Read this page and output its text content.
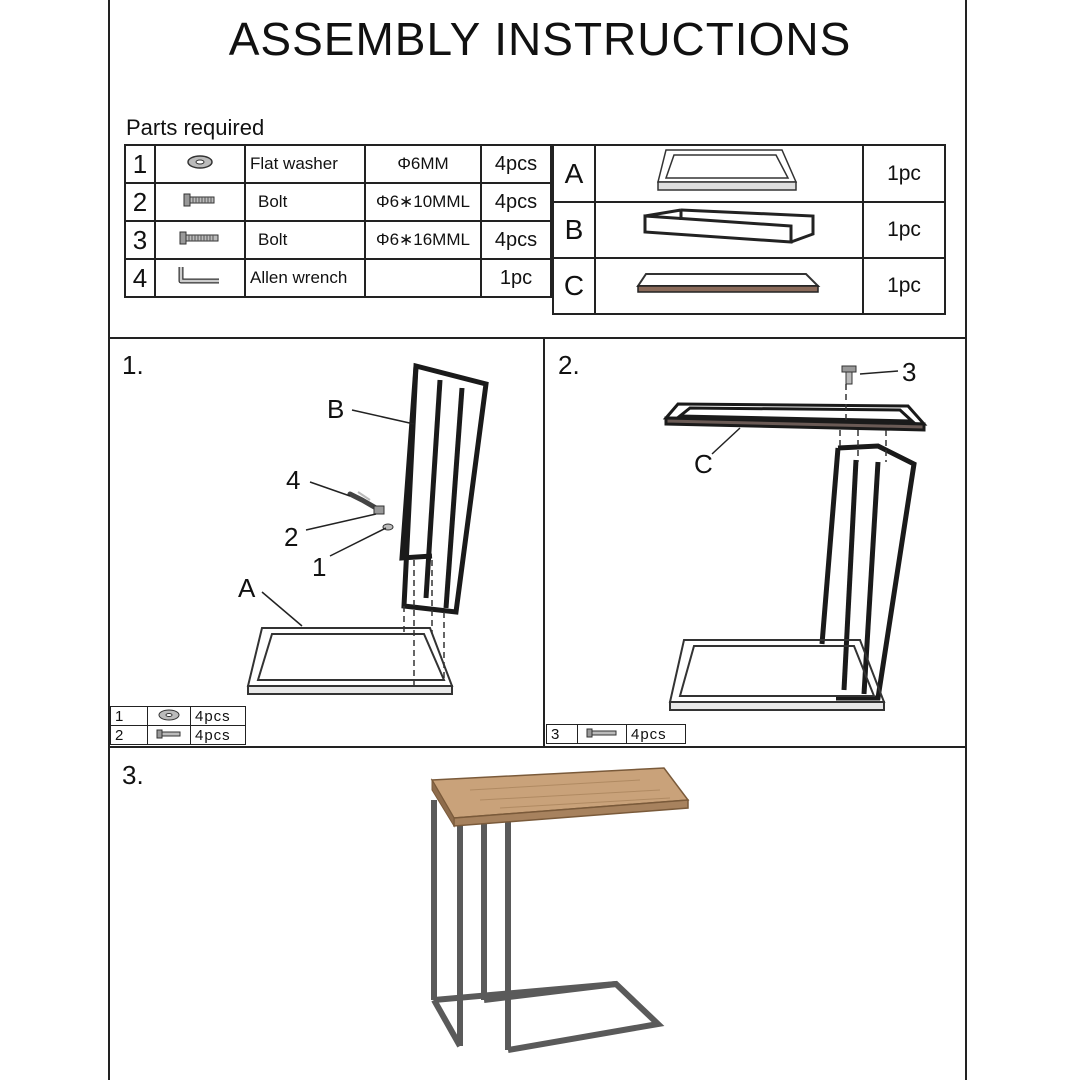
ASSEMBLY INSTRUCTIONS
Parts required
1		Flat washer	Φ6MM	4pcs
2		Bolt	Φ6∗10MML	4pcs
3		Bolt	Φ6∗16MML	4pcs
4		Allen wrench		1pc
A		1pc
B		1pc
C		1pc
1.
B
4
2
1
A
1		4pcs
2		4pcs
2.	3
C
3		4pcs
3.
